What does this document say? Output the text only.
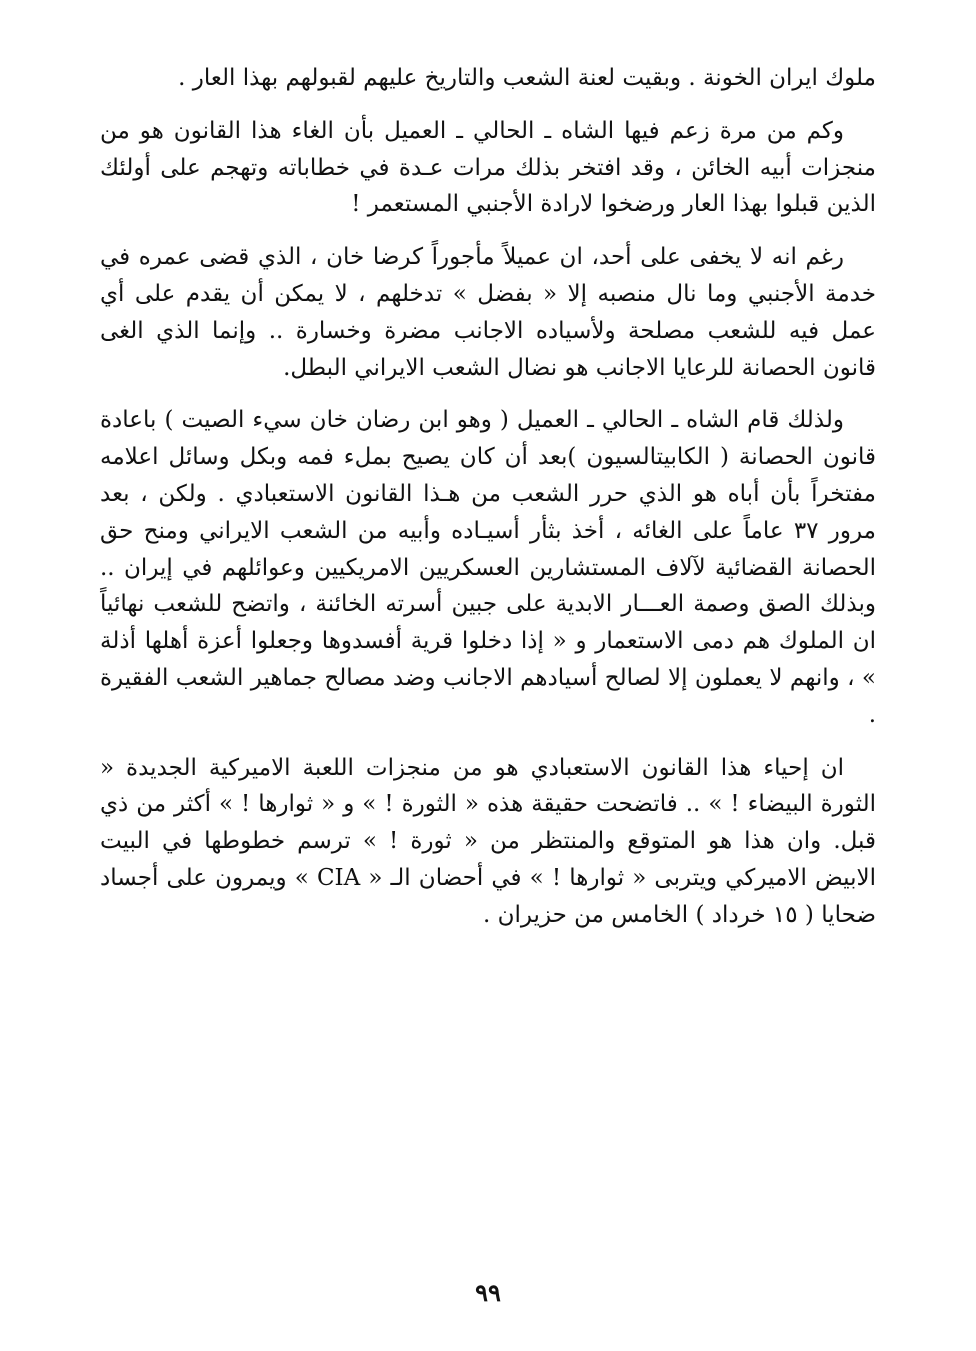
ملوك ايران الخونة . وبقيت لعنة الشعب والتاريخ عليهم لقبولهم بهذا العار .

وكم من مرة زعم فيها الشاه ـ الحالي ـ العميل بأن الغاء هذا القانون هو من منجزات أبيه الخائن ، وقد افتخر بذلك مرات عـدة في خطاباته وتهجم على أولئك الذين قبلوا بهذا العار ورضخوا لارادة الأجنبي المستعمر !

رغم انه لا يخفى على أحد، ان عميلاً مأجوراً كرضا خان ، الذي قضى عمره في خدمة الأجنبي وما نال منصبه إلا « بفضل » تدخلهم ، لا يمكن أن يقدم على أي عمل فيه للشعب مصلحة ولأسياده الاجانب مضرة وخسارة .. وإنما الذي الغى قانون الحصانة للرعايا الاجانب هو نضال الشعب الايراني البطل.

ولذلك قام الشاه ـ الحالي ـ العميل ( وهو ابن رضان خان سيء الصيت ) باعادة قانون الحصانة ( الكابيتالسيون )بعد أن كان يصيح بملء فمه وبكل وسائل اعلامه مفتخراً بأن أباه هو الذي حرر الشعب من هـذا القانون الاستعبادي . ولكن ، بعد مرور ٣٧ عاماً على الغائه ، أخذ بثأر أسيـاده وأبيه من الشعب الايراني ومنح حق الحصانة القضائية لآلاف المستشارين العسكريين الامريكيين وعوائلهم في إيران .. وبذلك الصق وصمة العـــار الابدية على جبين أسرته الخائنة ، واتضح للشعب نهائياً ان الملوك هم دمى الاستعمار و « إذا دخلوا قرية أفسدوها وجعلوا أعزة أهلها أذلة » ، وانهم لا يعملون إلا لصالح أسيادهم الاجانب وضد مصالح جماهير الشعب الفقيرة .

ان إحياء هذا القانون الاستعبادي هو من منجزات اللعبة الاميركية الجديدة « الثورة البيضاء ! » .. فاتضحت حقيقة هذه « الثورة ! » و « ثوارها ! » أكثر من ذي قبل. وان هذا هو المتوقع والمنتظر من « ثورة ! » ترسم خطوطها في البيت الابيض الاميركي ويتربى « ثوارها ! » في أحضان الـ « CIA » ويمرون على أجساد ضحايا ( ١٥ خرداد ) الخامس من حزيران .

٩٩
